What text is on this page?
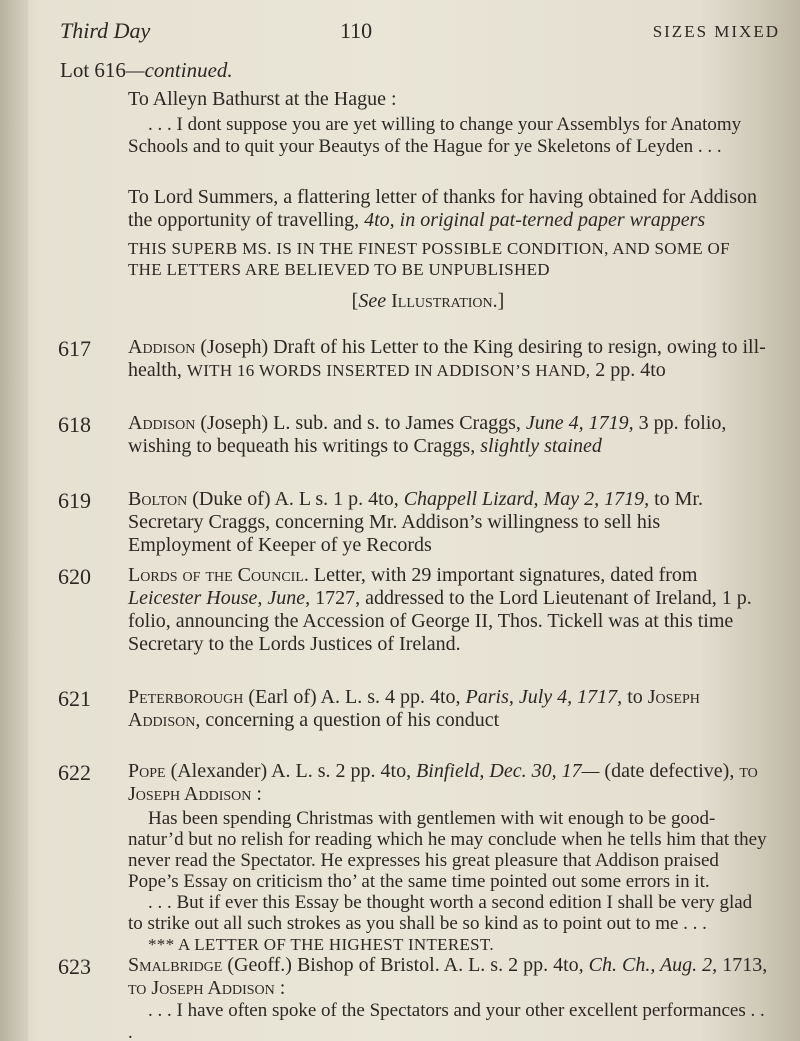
Third Day	110	SIZES MIXED
Lot 616—continued.
To Alleyn Bathurst at the Hague :

. . . I dont suppose you are yet willing to change your Assemblys for Anatomy Schools and to quit your Beautys of the Hague for ye Skeletons of Leyden . . .

To Lord Summers, a flattering letter of thanks for having obtained for Addison the opportunity of travelling, 4to, in original pat-terned paper wrappers
THIS SUPERB MS. IS IN THE FINEST POSSIBLE CONDITION, AND SOME OF THE LETTERS ARE BELIEVED TO BE UNPUBLISHED
[See Illustration.]
617 Addison (Joseph) Draft of his Letter to the King desiring to resign, owing to ill-health, WITH 16 WORDS INSERTED IN ADDISON’S HAND, 2 pp. 4to
618 Addison (Joseph) L. sub. and s. to James Craggs, June 4, 1719, 3 pp. folio, wishing to bequeath his writings to Craggs, slightly stained
619 Bolton (Duke of) A. L s. 1 p. 4to, Chappell Lizard, May 2, 1719, to Mr. Secretary Craggs, concerning Mr. Addison’s willingness to sell his Employment of Keeper of ye Records
620 Lords of the Council. Letter, with 29 important signatures, dated from Leicester House, June, 1727, addressed to the Lord Lieutenant of Ireland, 1 p. folio, announcing the Accession of George II, Thos. Tickell was at this time Secretary to the Lords Justices of Ireland.
621 Peterborough (Earl of) A. L. s. 4 pp. 4to, Paris, July 4, 1717, to Joseph Addison, concerning a question of his conduct
622 Pope (Alexander) A. L. s. 2 pp. 4to, Binfield, Dec. 30, 17— (date defective), to Joseph Addison :

Has been spending Christmas with gentlemen with wit enough to be good-natur’d but no relish for reading which he may conclude when he tells him that they never read the Spectator. He expresses his great pleasure that Addison praised Pope’s Essay on criticism tho’ at the same time pointed out some errors in it.

. . . But if ever this Essay be thought worth a second edition I shall be very glad to strike out all such strokes as you shall be so kind as to point out to me . . .

*** A LETTER OF THE HIGHEST INTEREST.

623 Smalbridge (Geoff.) Bishop of Bristol. A. L. s. 2 pp. 4to, Ch. Ch., Aug. 2, 1713, to Joseph Addison :

. . . I have often spoke of the Spectators and your other excellent performances . . .
